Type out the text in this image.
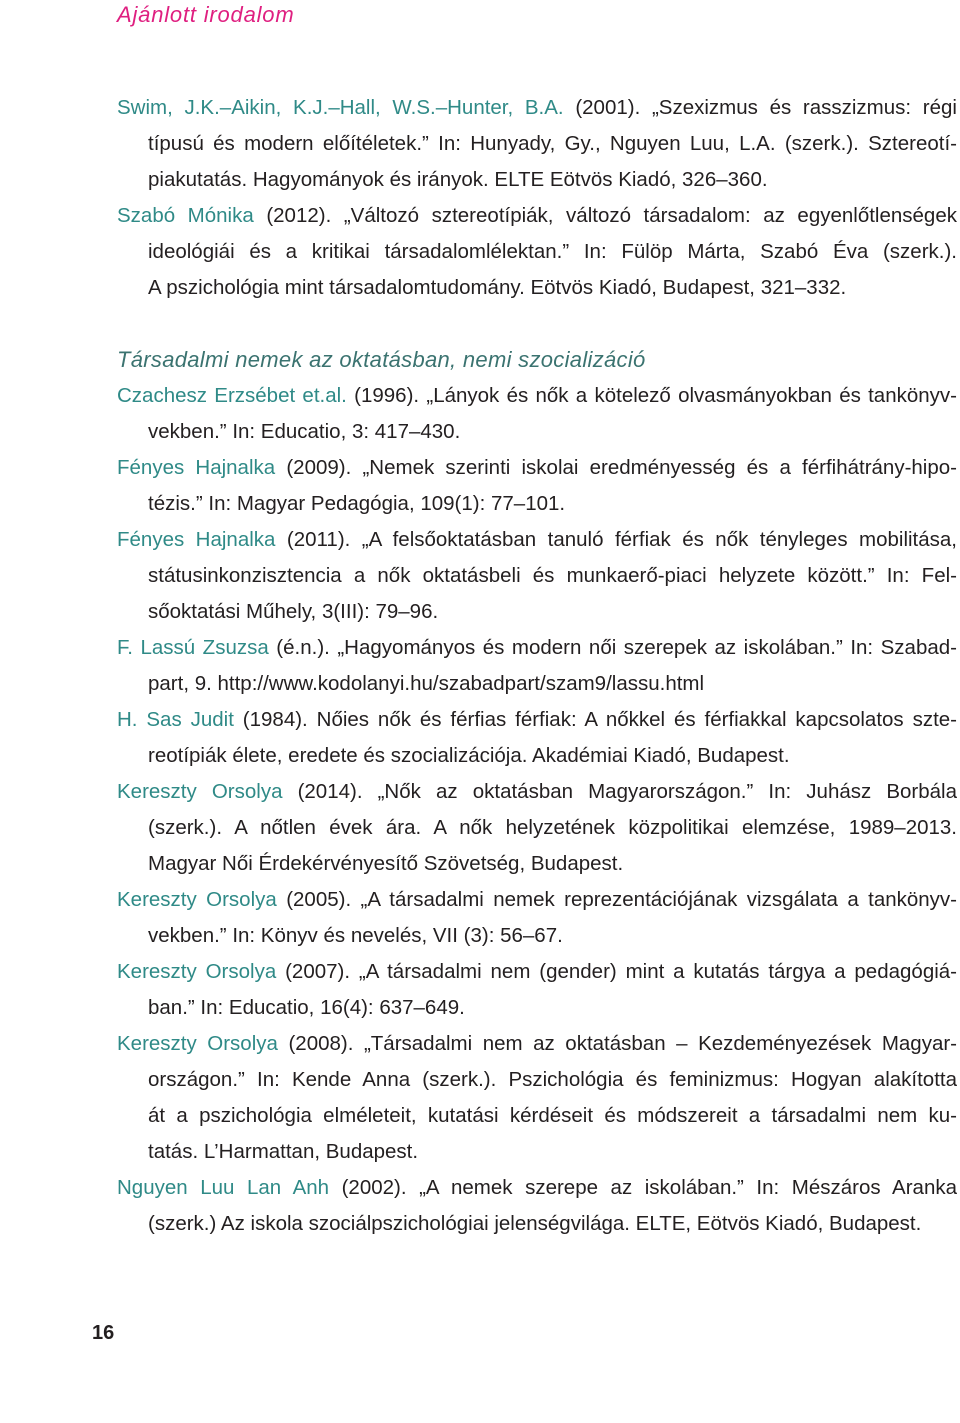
Ajánlott irodalom
Swim, J.K.–Aikin, K.J.–Hall, W.S.–Hunter, B.A. (2001). „Szexizmus és rasszizmus: régi
típusú és modern előítéletek.” In: Hunyady, Gy., Nguyen Luu, L.A. (szerk.). Sztereotí-
piakutatás. Hagyományok és irányok. ELTE Eötvös Kiadó, 326–360.
Szabó Mónika (2012). „Változó sztereotípiák, változó társadalom: az egyenlőtlenségek
ideológiái és a kritikai társadalomlélektan.” In: Fülöp Márta, Szabó Éva (szerk.).
A pszichológia mint társadalomtudomány. Eötvös Kiadó, Budapest, 321–332.
Társadalmi nemek az oktatásban, nemi szocializáció
Czachesz Erzsébet et.al. (1996). „Lányok és nők a kötelező olvasmányokban és tankönyv-
vekben.” In: Educatio, 3: 417–430.
Fényes Hajnalka (2009). „Nemek szerinti iskolai eredményesség és a férfihátrány-hipo-
tézis.” In: Magyar Pedagógia, 109(1): 77–101.
Fényes Hajnalka (2011). „A felsőoktatásban tanuló férfiak és nők tényleges mobilitása,
státusinkonzisztencia a nők oktatásbeli és munkaerő-piaci helyzete között.” In: Fel-
sőoktatási Műhely, 3(III): 79–96.
F. Lassú Zsuzsa (é.n.). „Hagyományos és modern női szerepek az iskolában.” In: Szabad-
part, 9. http://www.kodolanyi.hu/szabadpart/szam9/lassu.html
H. Sas Judit (1984). Nőies nők és férfias férfiak: A nőkkel és férfiakkal kapcsolatos szte-
reotípiák élete, eredete és szocializációja. Akadémiai Kiadó, Budapest.
Kereszty Orsolya (2014). „Nők az oktatásban Magyarországon.” In: Juhász Borbála
(szerk.). A nőtlen évek ára. A nők helyzetének közpolitikai elemzése, 1989–2013.
Magyar Női Érdekérvényesítő Szövetség, Budapest.
Kereszty Orsolya (2005). „A társadalmi nemek reprezentációjának vizsgálata a tankönyv-
vekben.” In: Könyv és nevelés, VII (3): 56–67.
Kereszty Orsolya (2007). „A társadalmi nem (gender) mint a kutatás tárgya a pedagógiá-
ban.” In: Educatio, 16(4): 637–649.
Kereszty Orsolya (2008). „Társadalmi nem az oktatásban – Kezdeményezések Magyar-
országon.” In: Kende Anna (szerk.). Pszichológia és feminizmus: Hogyan alakította
át a pszichológia elméleteit, kutatási kérdéseit és módszereit a társadalmi nem ku-
tatás. L’Harmattan, Budapest.
Nguyen Luu Lan Anh (2002). „A nemek szerepe az iskolában.” In: Mészáros Aranka
(szerk.) Az iskola szociálpszichológiai jelenségvilága. ELTE, Eötvös Kiadó, Budapest.
16
